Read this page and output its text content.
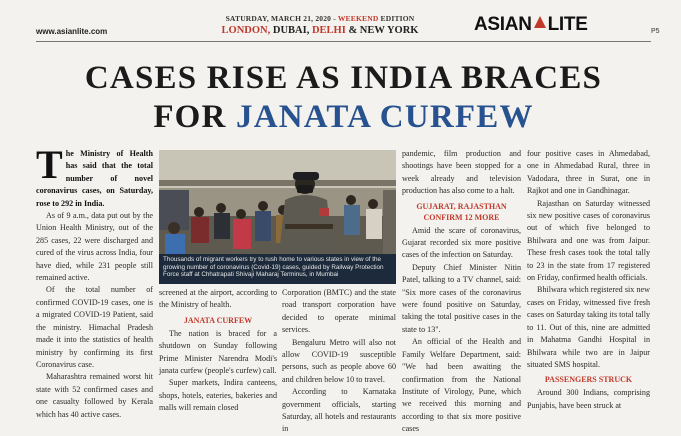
www.asianlite.com
SATURDAY, MARCH 21, 2020 - WEEKEND EDITION
LONDON, DUBAI, DELHI & NEW YORK	ASIAN LITE	P5
CASES RISE AS INDIA BRACES
FOR JANATA CURFEW

The Ministry of Health has said that the total number of novel coronavirus cases, on Saturday, rose to 292 in India.

As of 9 a.m., data put out by the Union Health Ministry, out of the 285 cases, 22 were discharged and cured of the virus across India, four have died, while 231 people still remained active.

Of the total number of confirmed COVID-19 cases, one is a migrated COVID-19 Patient, said the ministry. Himachal Pradesh made it into the statistics of health ministry by confirming its first Coronavirus case.

Maharashtra remained worst hit state with 52 confirmed cases and one casualty followed by Kerala which has 40 active cases.

Thousands of migrant workers try to rush home to various states in view of the growing number of coronavirus (Covid-19) cases, guided by Railway Protection Force staff at Chhatrapati Shivaji Maharaj Terminus, in Mumbai

screened at the airport, according to the Ministry of health.

JANATA CURFEW

The nation is braced for a shutdown on Sunday following Prime Minister Narendra Modi's janata curfew (people's curfew) call.

Super markets, Indira canteens, shops, hotels, eateries, bakeries and malls will remain closed

Corporation (BMTC) and the state road transport corporation have decided to operate minimal services.

Bengaluru Metro will also not allow COVID-19 susceptible persons, such as people above 60 and children below 10 to travel.

According to Karnataka government officials, starting Saturday, all hotels and restaurants in

pandemic, film production and shootings have been stopped for a week already and television production has also come to a halt.

GUJARAT, RAJASTHAN
CONFIRM 12 MORE

Amid the scare of coronavirus, Gujarat recorded six more positive cases of the infection on Saturday.

Deputy Chief Minister Nitin Patel, talking to a TV channel, said: "Six more cases of the coronavirus were found positive on Saturday, taking the total positive cases in the state to 13".

An official of the Health and Family Welfare Department, said: "We had been awaiting the confirmation from the National Institute of Virology, Pune, which we received this morning and according to that six more positive cases

four positive cases in Ahmedabad, one in Ahmedabad Rural, three in Vadodara, three in Surat, one in Rajkot and one in Gandhinagar.

Rajasthan on Saturday witnessed six new positive cases of coronavirus out of which five belonged to Bhilwara and one was from Jaipur. These fresh cases took the total tally to 23 in the state from 17 registered on Friday, confirmed health officials.

Bhilwara which registered six new cases on Friday, witnessed five fresh cases on Saturday taking its total tally to 11. Out of this, nine are admitted in Mahatma Gandhi Hospital in Bhilwara while two are in Jaipur situated SMS hospital.

PASSENGERS STRUCK

Around 300 Indians, comprising Punjabis, have been struck at
